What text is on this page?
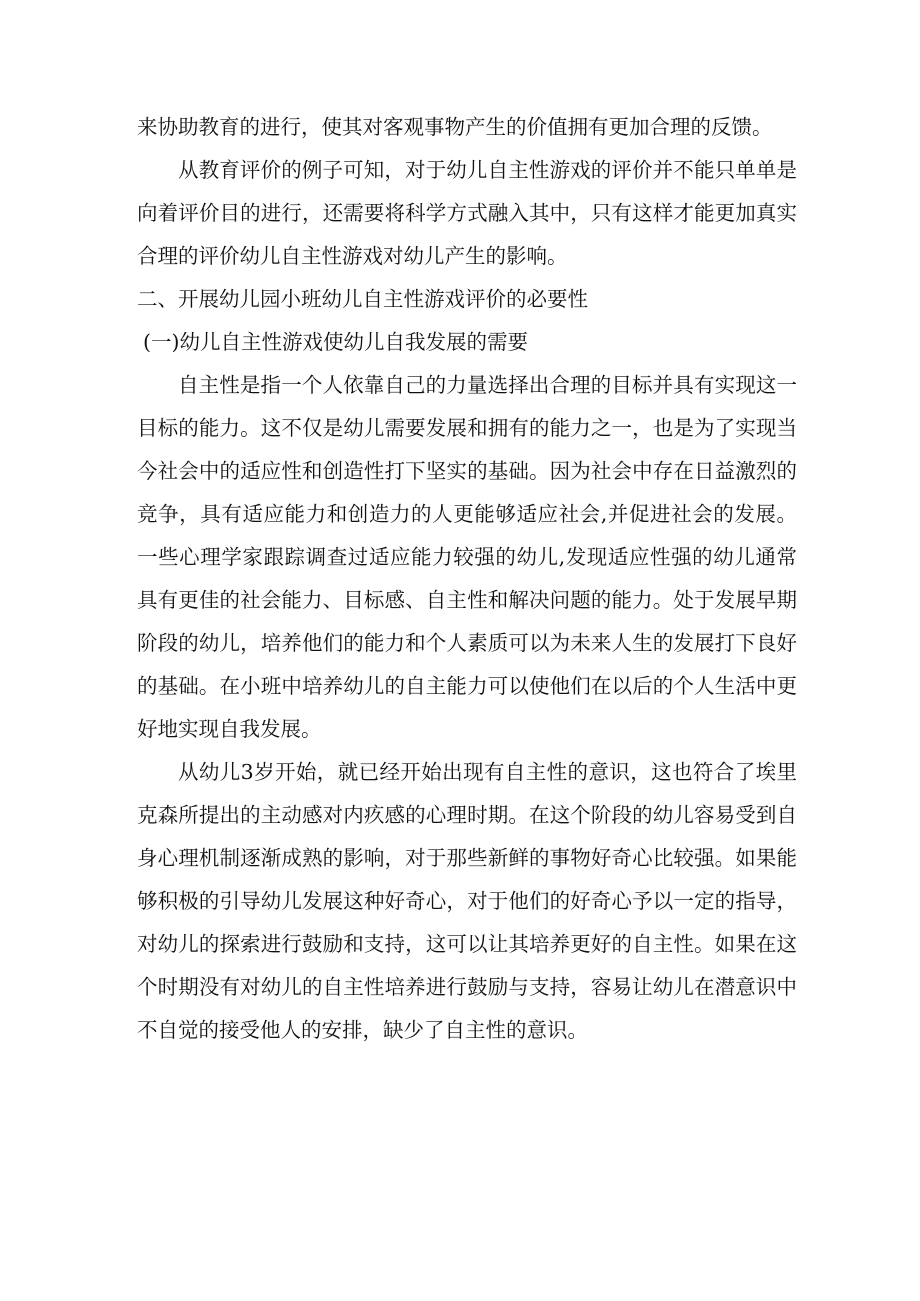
来协助教育的进行，使其对客观事物产生的价值拥有更加合理的反馈。

从教育评价的例子可知，对于幼儿自主性游戏的评价并不能只单单是向着评价目的进行，还需要将科学方式融入其中，只有这样才能更加真实合理的评价幼儿自主性游戏对幼儿产生的影响。

二、开展幼儿园小班幼儿自主性游戏评价的必要性

(一)幼儿自主性游戏使幼儿自我发展的需要

自主性是指一个人依靠自己的力量选择出合理的目标并具有实现这一目标的能力。这不仅是幼儿需要发展和拥有的能力之一，也是为了实现当今社会中的适应性和创造性打下坚实的基础。因为社会中存在日益激烈的竞争，具有适应能力和创造力的人更能够适应社会,并促进社会的发展。一些心理学家跟踪调查过适应能力较强的幼儿,发现适应性强的幼儿通常具有更佳的社会能力、目标感、自主性和解决问题的能力。处于发展早期阶段的幼儿，培养他们的能力和个人素质可以为未来人生的发展打下良好的基础。在小班中培养幼儿的自主能力可以使他们在以后的个人生活中更好地实现自我发展。

从幼儿3岁开始，就已经开始出现有自主性的意识，这也符合了埃里克森所提出的主动感对内疚感的心理时期。在这个阶段的幼儿容易受到自身心理机制逐渐成熟的影响，对于那些新鲜的事物好奇心比较强。如果能够积极的引导幼儿发展这种好奇心，对于他们的好奇心予以一定的指导，对幼儿的探索进行鼓励和支持，这可以让其培养更好的自主性。如果在这个时期没有对幼儿的自主性培养进行鼓励与支持，容易让幼儿在潜意识中不自觉的接受他人的安排，缺少了自主性的意识。
